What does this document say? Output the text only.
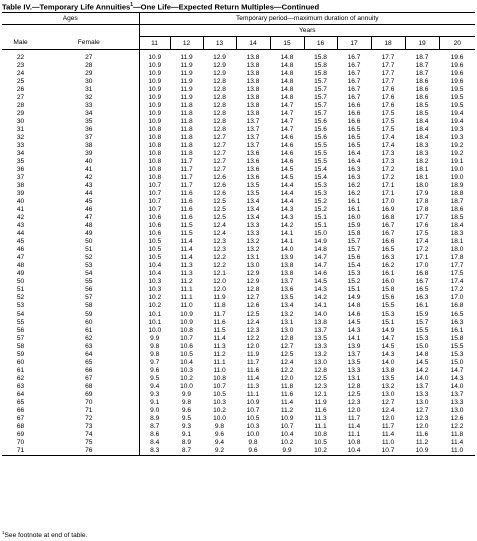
Table IV.—Temporary Life Annuities$^1$—One Life—Expected Return Multiples—Continued
Ages		Temporary period—maximum duration of annuity									
		Years									
Male	Female	11	12	13	14	15	16	17	18	19	20

22	27	10.9	11.9	12.9	13.8	14.8	15.8	16.7	17.7	18.7	19.6
23	28	10.9	11.9	12.9	13.8	14.8	15.8	16.7	17.7	18.7	19.6
24	29	10.9	11.9	12.9	13.8	14.8	15.8	16.7	17.7	18.7	19.6
25	30	10.9	11.9	12.8	13.8	14.8	15.7	16.7	17.7	18.6	19.6
26	31	10.9	11.9	12.8	13.8	14.8	15.7	16.7	17.6	18.6	19.5
27	32	10.9	11.9	12.8	13.8	14.8	15.7	16.7	17.6	18.6	19.5
28	33	10.9	11.8	12.8	13.8	14.7	15.7	16.6	17.6	18.5	19.5
29	34	10.9	11.8	12.8	13.8	14.7	15.7	16.6	17.5	18.5	19.4
30	35	10.9	11.8	12.8	13.7	14.7	15.6	16.6	17.5	18.4	19.4
31	36	10.8	11.8	12.8	13.7	14.7	15.6	16.5	17.5	18.4	19.3
32	37	10.8	11.8	12.7	13.7	14.6	15.6	16.5	17.4	18.4	19.3
33	38	10.8	11.8	12.7	13.7	14.6	15.5	16.5	17.4	18.3	19.2
34	39	10.8	11.8	12.7	13.6	14.6	15.5	16.4	17.3	18.3	19.2
35	40	10.8	11.7	12.7	13.6	14.6	15.5	16.4	17.3	18.2	19.1
36	41	10.8	11.7	12.7	13.6	14.5	15.4	16.3	17.2	18.1	19.0
37	42	10.8	11.7	12.6	13.6	14.5	15.4	16.3	17.2	18.1	19.0
38	43	10.7	11.7	12.6	13.5	14.4	15.3	16.2	17.1	18.0	18.9
39	44	10.7	11.6	12.6	13.5	14.4	15.3	16.2	17.1	17.9	18.8
40	45	10.7	11.6	12.5	13.4	14.4	15.2	16.1	17.0	17.8	18.7
41	46	10.7	11.6	12.5	13.4	14.3	15.2	16.1	16.9	17.8	18.6
42	47	10.6	11.6	12.5	13.4	14.3	15.1	16.0	16.8	17.7	18.5
43	48	10.6	11.5	12.4	13.3	14.2	15.1	15.9	16.7	17.6	18.4
44	49	10.6	11.5	12.4	13.3	14.1	15.0	15.8	16.7	17.5	18.3
45	50	10.5	11.4	12.3	13.2	14.1	14.9	15.7	16.6	17.4	18.1
46	51	10.5	11.4	12.3	13.2	14.0	14.8	15.7	16.5	17.2	18.0
47	52	10.5	11.4	12.2	13.1	13.9	14.7	15.6	16.3	17.1	17.8
48	53	10.4	11.3	12.2	13.0	13.8	14.7	15.4	16.2	17.0	17.7
49	54	10.4	11.3	12.1	12.9	13.8	14.6	15.3	16.1	16.8	17.5
50	55	10.3	11.2	12.0	12.9	13.7	14.5	15.2	16.0	16.7	17.4
51	56	10.3	11.1	12.0	12.8	13.6	14.3	15.1	15.8	16.5	17.2
52	57	10.2	11.1	11.9	12.7	13.5	14.2	14.9	15.6	16.3	17.0
53	58	10.2	11.0	11.8	12.6	13.4	14.1	14.8	15.5	16.1	16.8
54	59	10.1	10.9	11.7	12.5	13.2	14.0	14.6	15.3	15.9	16.5
55	60	10.1	10.9	11.6	12.4	13.1	13.8	14.5	15.1	15.7	16.3
56	61	10.0	10.8	11.5	12.3	13.0	13.7	14.3	14.9	15.5	16.1
57	62	9.9	10.7	11.4	12.2	12.8	13.5	14.1	14.7	15.3	15.8
58	63	9.8	10.6	11.3	12.0	12.7	13.3	13.9	14.5	15.0	15.5
59	64	9.8	10.5	11.2	11.9	12.5	13.2	13.7	14.3	14.8	15.3
60	65	9.7	10.4	11.1	11.7	12.4	13.0	13.5	14.0	14.5	15.0
61	66	9.6	10.3	11.0	11.6	12.2	12.8	13.3	13.8	14.2	14.7
62	67	9.5	10.2	10.8	11.4	12.0	12.5	13.1	13.5	14.0	14.3
63	68	9.4	10.0	10.7	11.3	11.8	12.3	12.8	13.2	13.7	14.0
64	69	9.3	9.9	10.5	11.1	11.6	12.1	12.5	13.0	13.3	13.7
65	70	9.1	9.8	10.3	10.9	11.4	11.9	12.3	12.7	13.0	13.3
66	71	9.0	9.6	10.2	10.7	11.2	11.6	12.0	12.4	12.7	13.0
67	72	8.9	9.5	10.0	10.5	10.9	11.3	11.7	12.0	12.3	12.6
68	73	8.7	9.3	9.8	10.3	10.7	11.1	11.4	11.7	12.0	12.2
69	74	8.6	9.1	9.6	10.0	10.4	10.8	11.1	11.4	11.6	11.8
70	75	8.4	8.9	9.4	9.8	10.2	10.5	10.8	11.0	11.2	11.4
71	76	8.3	8.7	9.2	9.6	9.9	10.2	10.4	10.7	10.9	11.0
$^1$See footnote at end of table.
